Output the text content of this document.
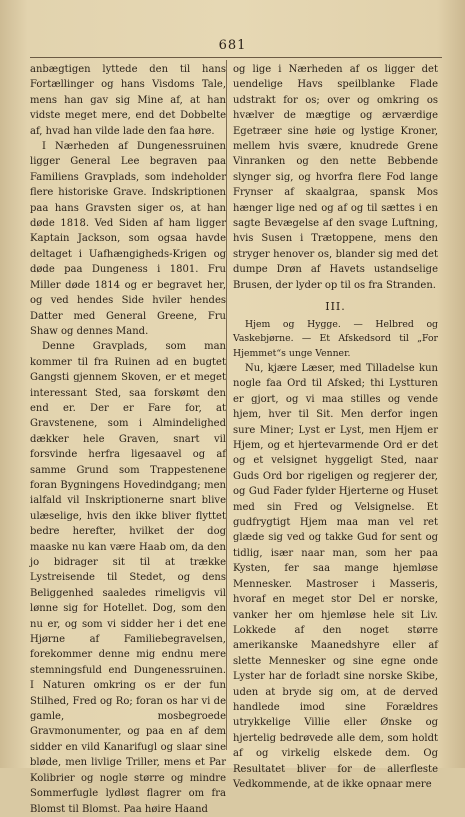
681

anbægtigen lyttede den til hans Fortællinger og hans Visdoms Tale, mens han gav sig Mine af, at han vidste meget mere, end det Dobbelte af, hvad han vilde lade den faa høre.

I Nærheden af Dungenessruinen ligger General Lee begraven paa Familiens Gravplads, som indeholder flere historiske Grave. Indskriptionen paa hans Gravsten siger os, at han døde 1818. Ved Siden af ham ligger Kaptain Jackson, som ogsaa havde deltaget i Uafhængigheds-Krigen og døde paa Dungeness i 1801. Fru Miller døde 1814 og er begravet her, og ved hendes Side hviler hendes Datter med General Greene, Fru Shaw og dennes Mand.

Denne Gravplads, som man kommer til fra Ruinen ad en bugtet Gangsti gjennem Skoven, er et meget interessant Sted, saa forskømt den end er. Der er Fare for, at Gravstenene, som i Almindelighed dækker hele Graven, snart vil forsvinde herfra ligesaavel og af samme Grund som Trappestenene foran Bygningens Hovedindgang; men ialfald vil Inskriptionerne snart blive ulæselige, hvis den ikke bliver flyttet bedre herefter, hvilket der dog maaske nu kan være Haab om, da den jo bidrager sit til at trække Lystreisende til Stedet, og dens Beliggenhed saaledes rimeligvis vil lønne sig for Hotellet. Dog, som den nu er, og som vi sidder her i det ene Hjørne af Familiebegravelsen, forekommer denne mig endnu mere stemningsfuld end Dungenessruinen. I Naturen omkring os er der fun Stilhed, Fred og Ro; foran os har vi de gamle, mosbegroede Gravmonumenter, og paa en af dem sidder en vild Kanarifugl og slaar sine bløde, men livlige Triller, mens et Par Kolibrier og nogle større og mindre Sommerfugle lydløst flagrer om fra Blomst til Blomst. Paa høire Haand

og lige i Nærheden af os ligger det uendelige Havs speilblanke Flade udstrakt for os; over og omkring os hvælver de mægtige og ærværdige Egetræer sine høie og lystige Kroner, mellem hvis svære, knudrede Grene Vinranken og den nette Bebbende slynger sig, og hvorfra flere Fod lange Frynser af skaalgraa, spansk Mos hænger lige ned og af og til sættes i en sagte Bevægelse af den svage Luftning, hvis Susen i Trætoppene, mens den stryger henover os, blander sig med det dumpe Drøn af Havets ustandselige Brusen, der lyder op til os fra Stranden.

III.

Hjem og Hygge. — Helbred og Vaskebjørne. — Et Afskedsord til „For Hjemmet“s unge Venner.

Nu, kjære Læser, med Tilladelse kun nogle faa Ord til Afsked; thi Lystturen er gjort, og vi maa stilles og vende hjem, hver til Sit. Men derfor ingen sure Miner; Lyst er Lyst, men Hjem er Hjem, og et hjertevarmende Ord er det og et velsignet hyggeligt Sted, naar Guds Ord bor rigeligen og regjerer der, og Gud Fader fylder Hjerterne og Huset med sin Fred og Velsignelse. Et gudfrygtigt Hjem maa man vel ret glæde sig ved og takke Gud for sent og tidlig, især naar man, som her paa Kysten, fer saa mange hjemløse Mennesker. Mastroser i Masseris, hvoraf en meget stor Del er norske, vanker her om hjemløse hele sit Liv. Lokkede af den noget større amerikanske Maanedshyre eller af slette Mennesker og sine egne onde Lyster har de forladt sine norske Skibe, uden at bryde sig om, at de derved handlede imod sine Forældres utrykkelige Villie eller Ønske og hjertelig bedrøvede alle dem, som holdt af og virkelig elskede dem. Og Resultatet bliver for de allerfleste Vedkommende, at de ikke opnaar mere
